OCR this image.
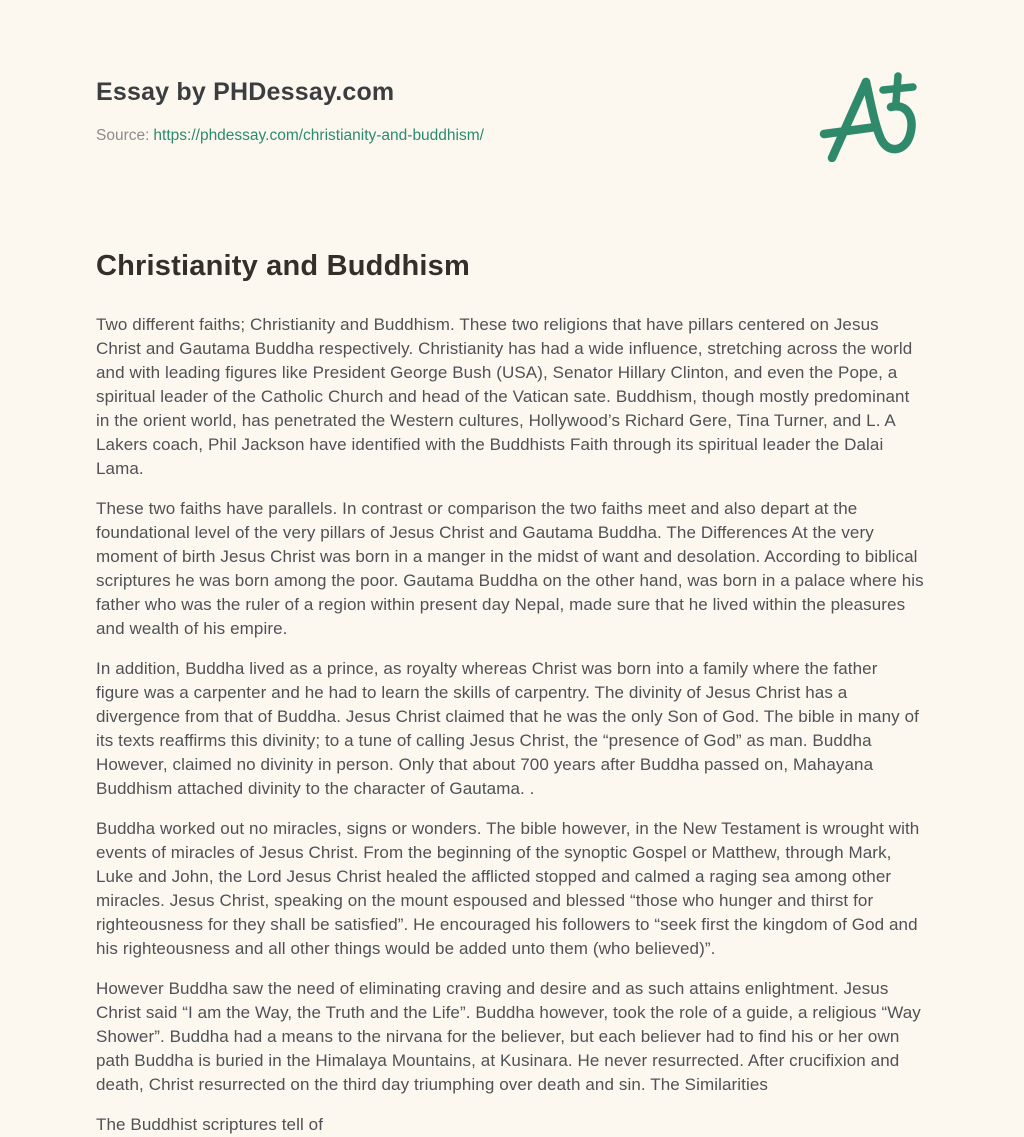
Essay by PHDessay.com
Source: https://phdessay.com/christianity-and-buddhism/
Christianity and Buddhism

Two different faiths; Christianity and Buddhism. These two religions that have pillars centered on Jesus Christ and Gautama Buddha respectively. Christianity has had a wide influence, stretching across the world and with leading figures like President George Bush (USA), Senator Hillary Clinton, and even the Pope, a spiritual leader of the Catholic Church and head of the Vatican sate. Buddhism, though mostly predominant in the orient world, has penetrated the Western cultures, Hollywood’s Richard Gere, Tina Turner, and L. A Lakers coach, Phil Jackson have identified with the Buddhists Faith through its spiritual leader the Dalai Lama.

These two faiths have parallels. In contrast or comparison the two faiths meet and also depart at the foundational level of the very pillars of Jesus Christ and Gautama Buddha. The Differences At the very moment of birth Jesus Christ was born in a manger in the midst of want and desolation. According to biblical scriptures he was born among the poor. Gautama Buddha on the other hand, was born in a palace where his father who was the ruler of a region within present day Nepal, made sure that he lived within the pleasures and wealth of his empire.

In addition, Buddha lived as a prince, as royalty whereas Christ was born into a family where the father figure was a carpenter and he had to learn the skills of carpentry. The divinity of Jesus Christ has a divergence from that of Buddha. Jesus Christ claimed that he was the only Son of God. The bible in many of its texts reaffirms this divinity; to a tune of calling Jesus Christ, the “presence of God” as man. Buddha However, claimed no divinity in person. Only that about 700 years after Buddha passed on, Mahayana Buddhism attached divinity to the character of Gautama. .

Buddha worked out no miracles, signs or wonders. The bible however, in the New Testament is wrought with events of miracles of Jesus Christ. From the beginning of the synoptic Gospel or Matthew, through Mark, Luke and John, the Lord Jesus Christ healed the afflicted stopped and calmed a raging sea among other miracles. Jesus Christ, speaking on the mount espoused and blessed “those who hunger and thirst for righteousness for they shall be satisfied”. He encouraged his followers to “seek first the kingdom of God and his righteousness and all other things would be added unto them (who believed)”.

However Buddha saw the need of eliminating craving and desire and as such attains enlightment. Jesus Christ said “I am the Way, the Truth and the Life”. Buddha however, took the role of a guide, a religious “Way Shower”. Buddha had a means to the nirvana for the believer, but each believer had to find his or her own path Buddha is buried in the Himalaya Mountains, at Kusinara. He never resurrected. After crucifixion and death, Christ resurrected on the third day triumphing over death and sin. The Similarities

The Buddhist scriptures tell of
